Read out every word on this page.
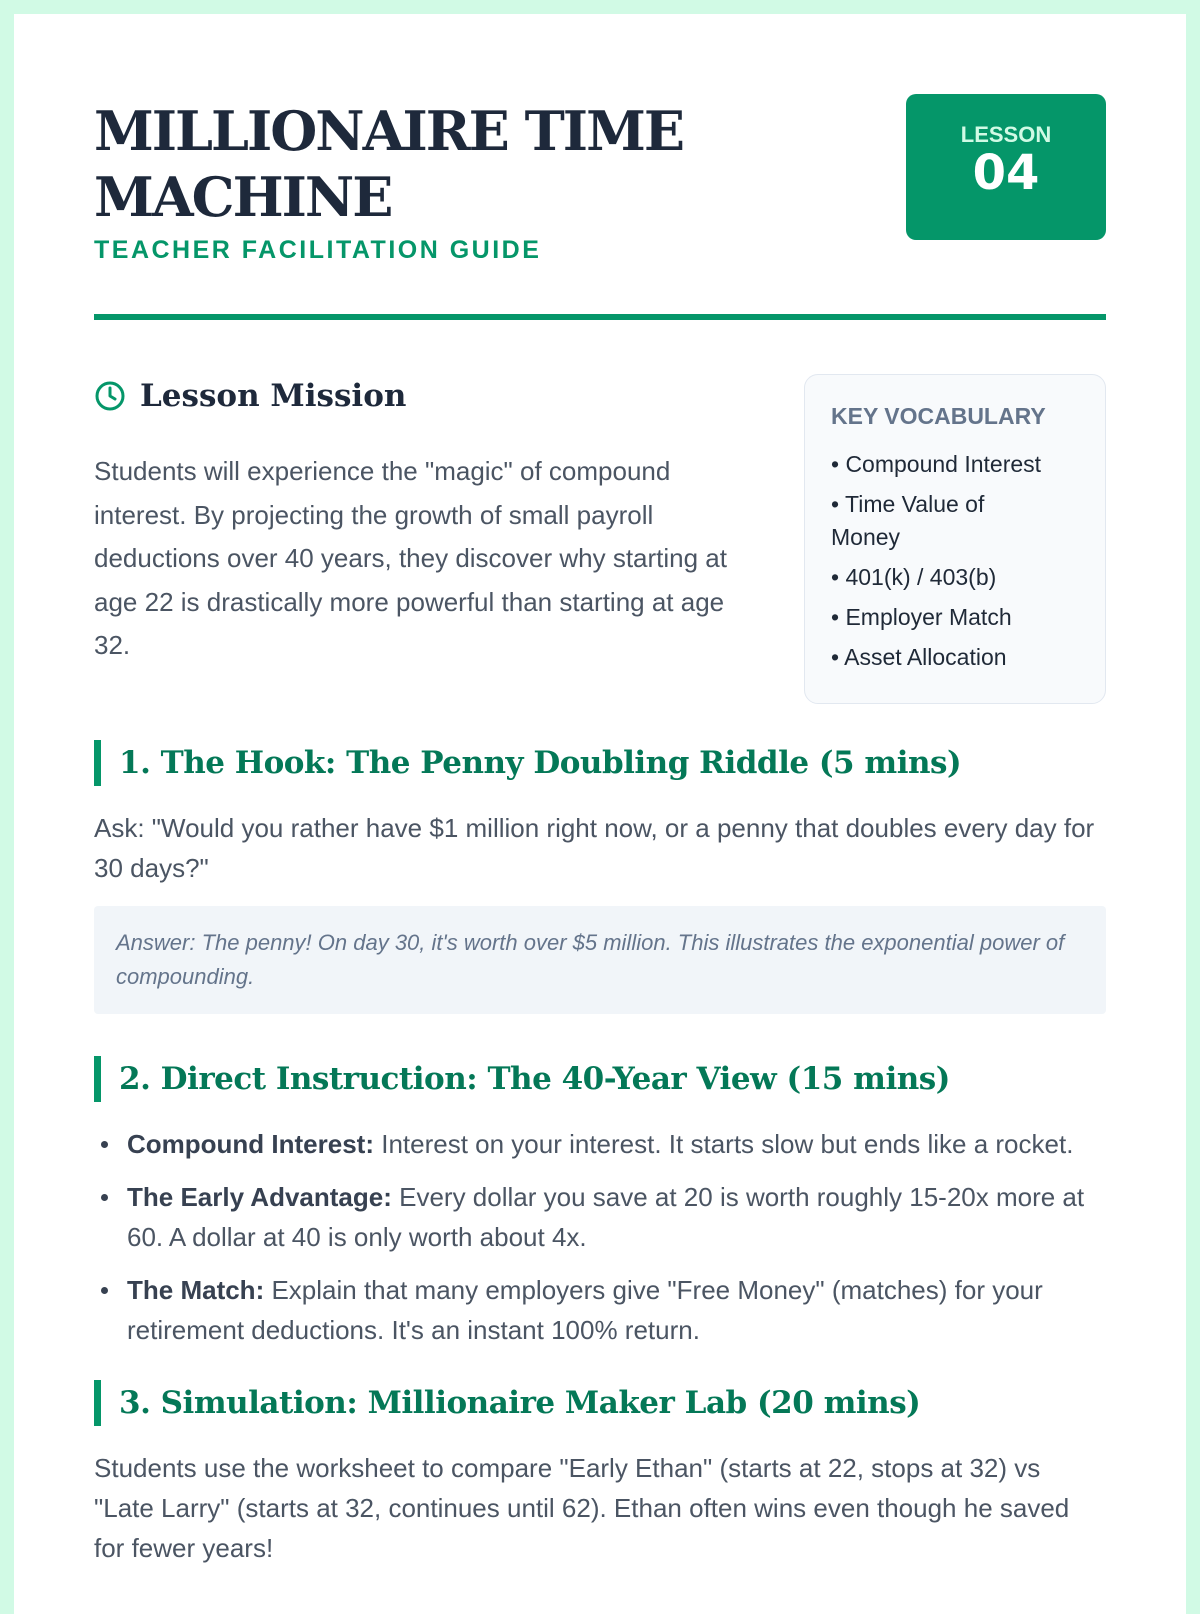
MILLIONAIRE TIME MACHINE
TEACHER FACILITATION GUIDE
LESSON
04
Lesson Mission

Students will experience the "magic" of compound interest. By projecting the growth of small payroll deductions over 40 years, they discover why starting at age 22 is drastically more powerful than starting at age 32.

KEY VOCABULARY
• Compound Interest
• Time Value of Money
• 401(k) / 403(b)
• Employer Match
• Asset Allocation
1. The Hook: The Penny Doubling Riddle (5 mins)

Ask: "Would you rather have $1 million right now, or a penny that doubles every day for 30 days?"

Answer: The penny! On day 30, it's worth over $5 million. This illustrates the exponential power of compounding.
2. Direct Instruction: The 40-Year View (15 mins)
Compound Interest: Interest on your interest. It starts slow but ends like a rocket.
The Early Advantage: Every dollar you save at 20 is worth roughly 15-20x more at 60. A dollar at 40 is only worth about 4x.
The Match: Explain that many employers give "Free Money" (matches) for your retirement deductions. It's an instant 100% return.
3. Simulation: Millionaire Maker Lab (20 mins)

Students use the worksheet to compare "Early Ethan" (starts at 22, stops at 32) vs "Late Larry" (starts at 32, continues until 62). Ethan often wins even though he saved for fewer years!
